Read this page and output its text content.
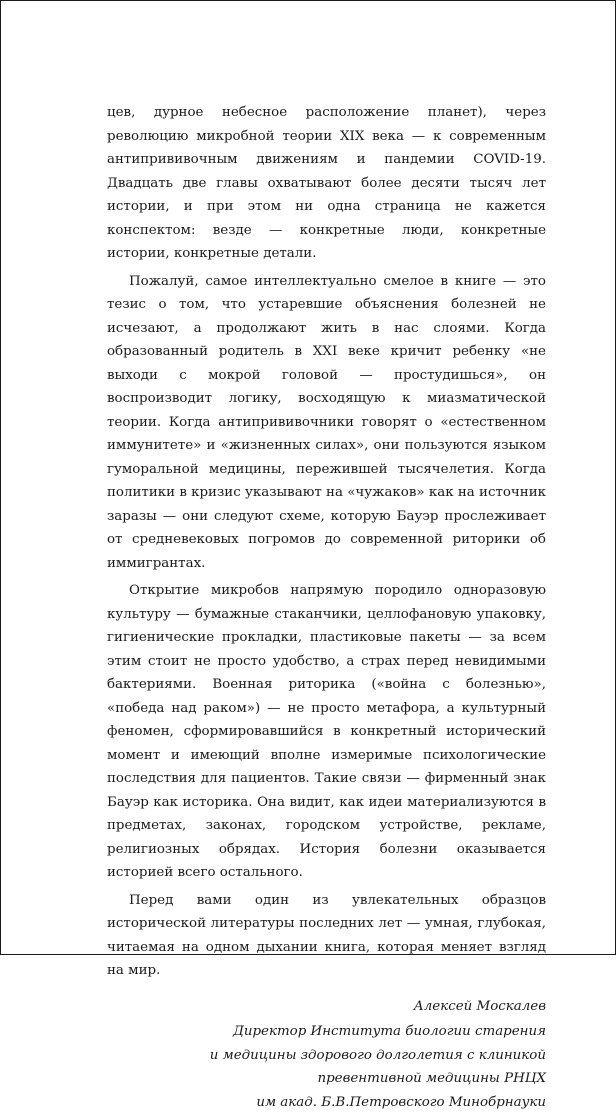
цев, дурное небесное расположение планет), через революцию микробной теории XIX века — к современным антипрививочным движениям и пандемии COVID-19. Двадцать две главы охватывают более десяти тысяч лет истории, и при этом ни одна страница не кажется конспектом: везде — конкретные люди, конкретные истории, конкретные детали.

Пожалуй, самое интеллектуально смелое в книге — это тезис о том, что устаревшие объяснения болезней не исчезают, а продолжают жить в нас слоями. Когда образованный родитель в XXI веке кричит ребенку «не выходи с мокрой головой — простудишься», он воспроизводит логику, восходящую к миазматической теории. Когда антипрививочники говорят о «естественном иммунитете» и «жизненных силах», они пользуются языком гуморальной медицины, пережившей тысячелетия. Когда политики в кризис указывают на «чужаков» как на источник заразы — они следуют схеме, которую Бауэр прослеживает от средневековых погромов до современной риторики об иммигрантах.

Открытие микробов напрямую породило одноразовую культуру — бумажные стаканчики, целлофановую упаковку, гигиенические прокладки, пластиковые пакеты — за всем этим стоит не просто удобство, а страх перед невидимыми бактериями. Военная риторика («война с болезнью», «победа над раком») — не просто метафора, а культурный феномен, сформировавшийся в конкретный исторический момент и имеющий вполне измеримые психологические последствия для пациентов. Такие связи — фирменный знак Бауэр как историка. Она видит, как идеи материализуются в предметах, законах, городском устройстве, рекламе, религиозных обрядах. История болезни оказывается историей всего остального.

Перед вами один из увлекательных образцов исторической литературы последних лет — умная, глубокая, читаемая на одном дыхании книга, которая меняет взгляд на мир.

Алексей Москалев
Директор Института биологии старения
и медицины здорового долголетия с клиникой
превентивной медицины РНЦХ
им акад. Б.В.Петровского Минобрнауки
